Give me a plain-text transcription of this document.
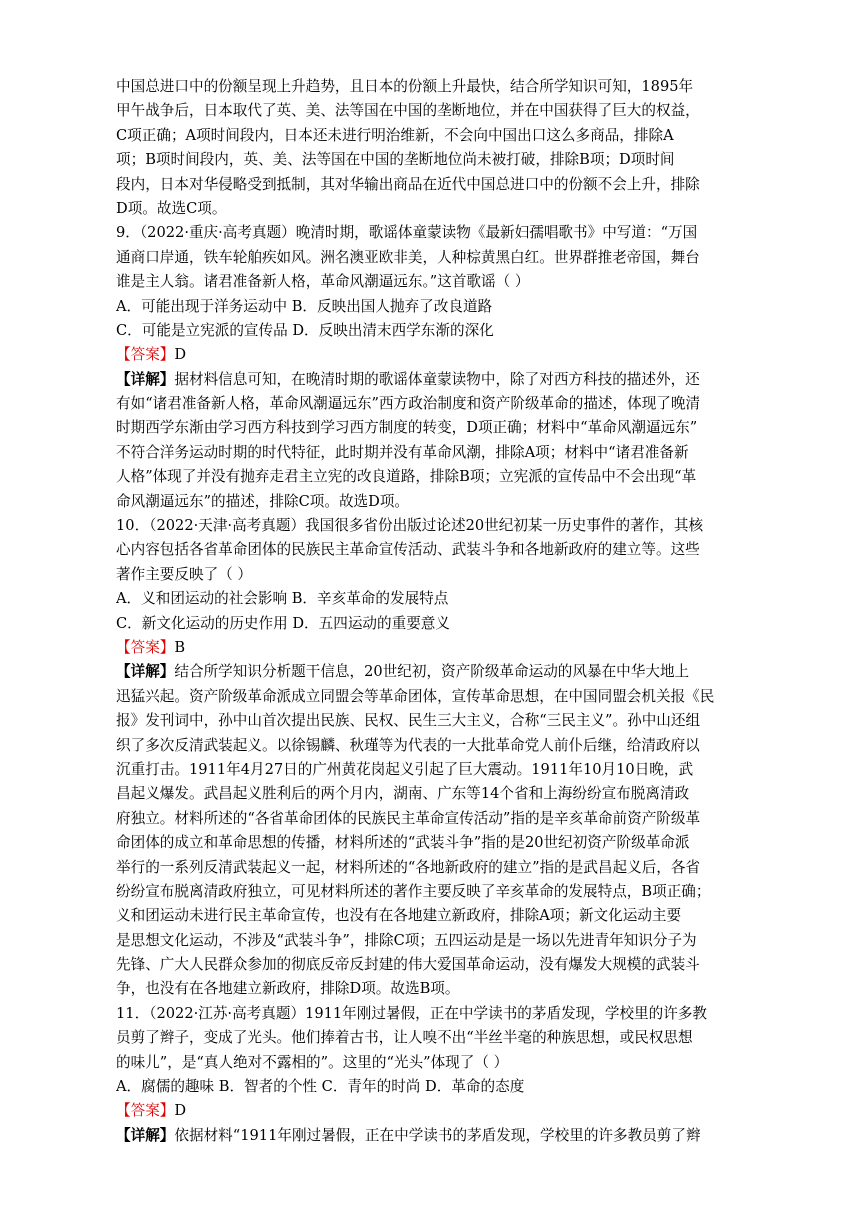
中国总进口中的份额呈现上升趋势，且日本的份额上升最快，结合所学知识可知，1895年
甲午战争后，日本取代了英、美、法等国在中国的垄断地位，并在中国获得了巨大的权益，
C项正确；A项时间段内，日本还未进行明治维新，不会向中国出口这么多商品，排除A
项；B项时间段内，英、美、法等国在中国的垄断地位尚未被打破，排除B项；D项时间
段内，日本对华侵略受到抵制，其对华输出商品在近代中国总进口中的份额不会上升，排除
D项。故选C项。
9．（2022·重庆·高考真题）晚清时期，歌谣体童蒙读物《最新妇孺唱歌书》中写道：“万国
通商口岸通，铁车轮舶疾如风。洲名澳亚欧非美，人种棕黄黑白红。世界群推老帝国，舞台
谁是主人翁。诸君准备新人格，革命风潮逼远东。”这首歌谣（ ）
A．可能出现于洋务运动中 B．反映出国人抛弃了改良道路
C．可能是立宪派的宣传品 D．反映出清末西学东渐的深化
【答案】D
【详解】据材料信息可知，在晚清时期的歌谣体童蒙读物中，除了对西方科技的描述外，还
有如“诸君准备新人格，革命风潮逼远东”西方政治制度和资产阶级革命的描述，体现了晚清
时期西学东渐由学习西方科技到学习西方制度的转变，D项正确；材料中“革命风潮逼远东”
不符合洋务运动时期的时代特征，此时期并没有革命风潮，排除A项；材料中“诸君准备新
人格”体现了并没有抛弃走君主立宪的改良道路，排除B项；立宪派的宣传品中不会出现“革
命风潮逼远东”的描述，排除C项。故选D项。
10．（2022·天津·高考真题）我国很多省份出版过论述20世纪初某一历史事件的著作，其核
心内容包括各省革命团体的民族民主革命宣传活动、武装斗争和各地新政府的建立等。这些
著作主要反映了（ ）
A．义和团运动的社会影响 B．辛亥革命的发展特点
C．新文化运动的历史作用 D．五四运动的重要意义
【答案】B
【详解】结合所学知识分析题干信息，20世纪初，资产阶级革命运动的风暴在中华大地上
迅猛兴起。资产阶级革命派成立同盟会等革命团体，宣传革命思想，在中国同盟会机关报《民
报》发刊词中，孙中山首次提出民族、民权、民生三大主义，合称“三民主义”。孙中山还组
织了多次反清武装起义。以徐锡麟、秋瑾等为代表的一大批革命党人前仆后继，给清政府以
沉重打击。1911年4月27日的广州黄花岗起义引起了巨大震动。1911年10月10日晚，武
昌起义爆发。武昌起义胜利后的两个月内，湖南、广东等14个省和上海纷纷宣布脱离清政
府独立。材料所述的“各省革命团体的民族民主革命宣传活动”指的是辛亥革命前资产阶级革
命团体的成立和革命思想的传播，材料所述的“武装斗争”指的是20世纪初资产阶级革命派
举行的一系列反清武装起义一起，材料所述的“各地新政府的建立”指的是武昌起义后，各省
纷纷宣布脱离清政府独立，可见材料所述的著作主要反映了辛亥革命的发展特点，B项正确；
义和团运动未进行民主革命宣传，也没有在各地建立新政府，排除A项；新文化运动主要
是思想文化运动，不涉及“武装斗争”，排除C项；五四运动是是一场以先进青年知识分子为
先锋、广大人民群众参加的彻底反帝反封建的伟大爱国革命运动，没有爆发大规模的武装斗
争，也没有在各地建立新政府，排除D项。故选B项。
11．（2022·江苏·高考真题）1911年刚过暑假，正在中学读书的茅盾发现，学校里的许多教
员剪了辫子，变成了光头。他们捧着古书，让人嗅不出“半丝半毫的种族思想，或民权思想
的味儿”，是“真人绝对不露相的”。这里的“光头”体现了（ ）
A．腐儒的趣味 B．智者的个性 C．青年的时尚 D．革命的态度
【答案】D
【详解】依据材料“1911年刚过暑假，正在中学读书的茅盾发现，学校里的许多教员剪了辫
